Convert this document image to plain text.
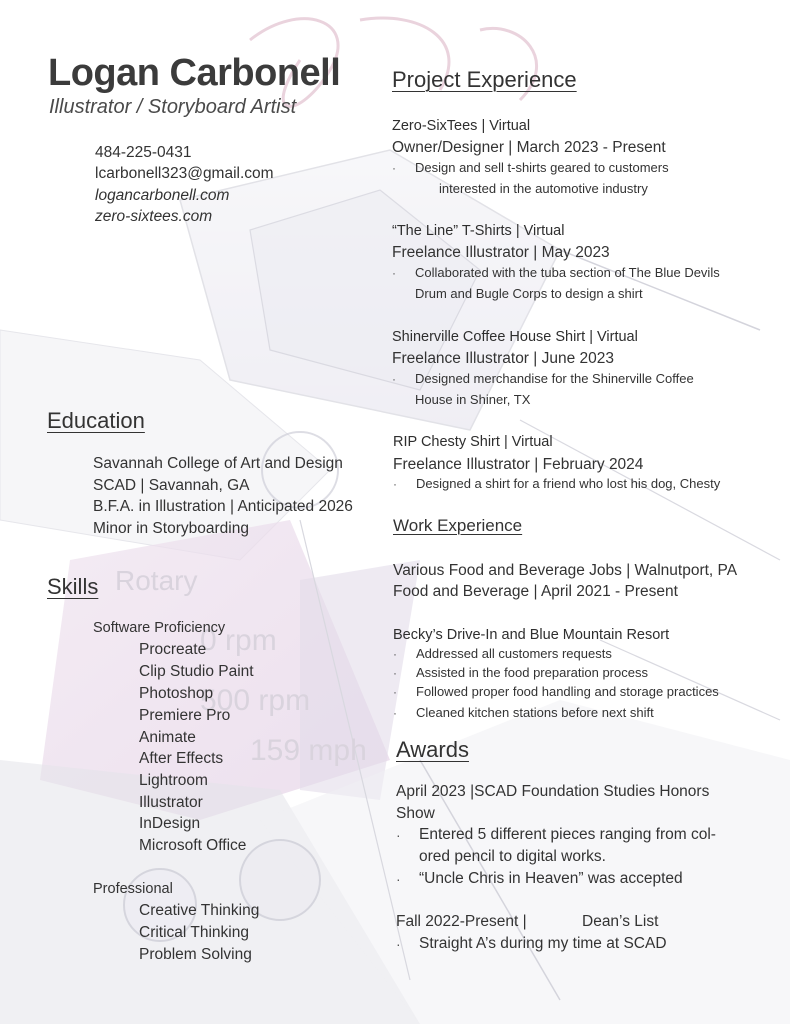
Rotary
0 rpm
500 rpm
159 mph
Logan Carbonell
Illustrator / Storyboard Artist
484-225-0431
lcarbonell323@gmail.com
logancarbonell.com
zero-sixtees.com
Education
Savannah College of Art and Design
SCAD | Savannah, GA
B.F.A. in Illustration | Anticipated 2026
Minor in Storyboarding
Skills
Software Proficiency
Procreate
Clip Studio Paint
Photoshop
Premiere Pro
Animate
After Effects
Lightroom
Illustrator
InDesign
Microsoft Office
Professional
Creative Thinking
Critical Thinking
Problem Solving
Project Experience
Zero-SixTees | Virtual
Owner/Designer | March 2023 - Present
· Design and sell t-shirts geared to customers
interested in the automotive industry
“The Line” T-Shirts | Virtual
Freelance Illustrator | May 2023
· Collaborated with the tuba section of The Blue Devils
Drum and Bugle Corps to design a shirt
Shinerville Coffee House Shirt | Virtual
Freelance Illustrator | June 2023
· Designed merchandise for the Shinerville Coffee
House in Shiner, TX
RIP Chesty Shirt | Virtual
Freelance Illustrator | February 2024
· Designed a shirt for a friend who lost his dog, Chesty
Work Experience
Various Food and Beverage Jobs | Walnutport, PA
Food and Beverage | April 2021 - Present
Becky’s Drive-In and Blue Mountain Resort
· Addressed all customers requests
· Assisted in the food preparation process
· Followed proper food handling and storage practices
· Cleaned kitchen stations before next shift
Awards
April 2023 |SCAD Foundation Studies Honors
Show
· Entered 5 different pieces ranging from col-
ored pencil to digital works.
· “Uncle Chris in Heaven” was accepted
Fall 2022-Present |	Dean’s List
· Straight A’s during my time at SCAD
